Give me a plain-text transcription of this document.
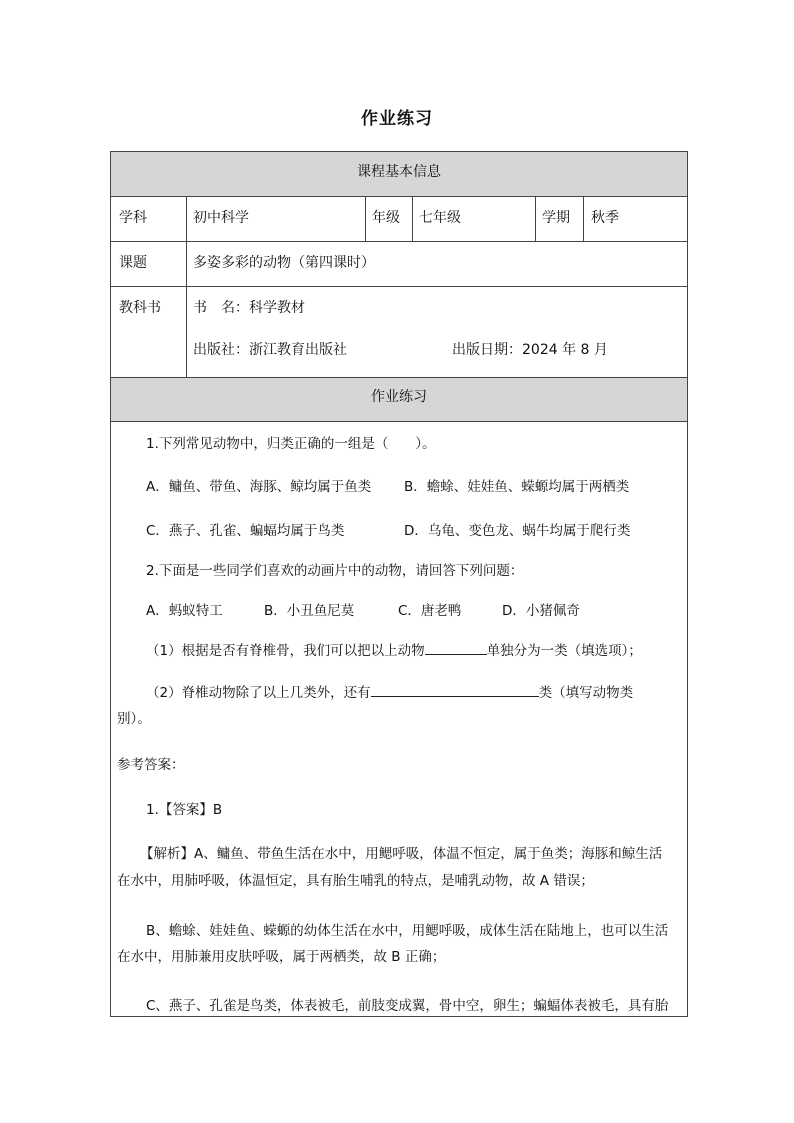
作业练习
课程基本信息
学科	初中科学	年级 七年级	学期 秋季
课题	多姿多彩的动物（第四课时）
教科书 书　名：科学教材
出版社：浙江教育出版社	出版日期：2024 年 8 月
作业练习
1.下列常见动物中，归类正确的一组是（　　）。
A．鳙鱼、带鱼、海豚、鲸均属于鱼类 B．蟾蜍、娃娃鱼、蝾螈均属于两栖类
C．燕子、孔雀、蝙蝠均属于鸟类	D．乌龟、变色龙、蜗牛均属于爬行类
2.下面是一些同学们喜欢的动画片中的动物，请回答下列问题：
A．蚂蚁特工	B．小丑鱼尼莫	C．唐老鸭	D．小猪佩奇
（1）根据是否有脊椎骨，我们可以把以上动物	单独分为一类（填选项）；
（2）脊椎动物除了以上几类外，还有	类（填写动物类
别）。
参考答案：
1.【答案】B
【解析】A、鳙鱼、带鱼生活在水中，用鳃呼吸，体温不恒定，属于鱼类；海豚和鲸生活
在水中，用肺呼吸，体温恒定，具有胎生哺乳的特点，是哺乳动物，故 A 错误；
B、蟾蜍、娃娃鱼、蝾螈的幼体生活在水中，用鳃呼吸，成体生活在陆地上，也可以生活
在水中，用肺兼用皮肤呼吸，属于两栖类，故 B 正确；
C、燕子、孔雀是鸟类，体表被毛，前肢变成翼，骨中空，卵生；蝙蝠体表被毛，具有胎
